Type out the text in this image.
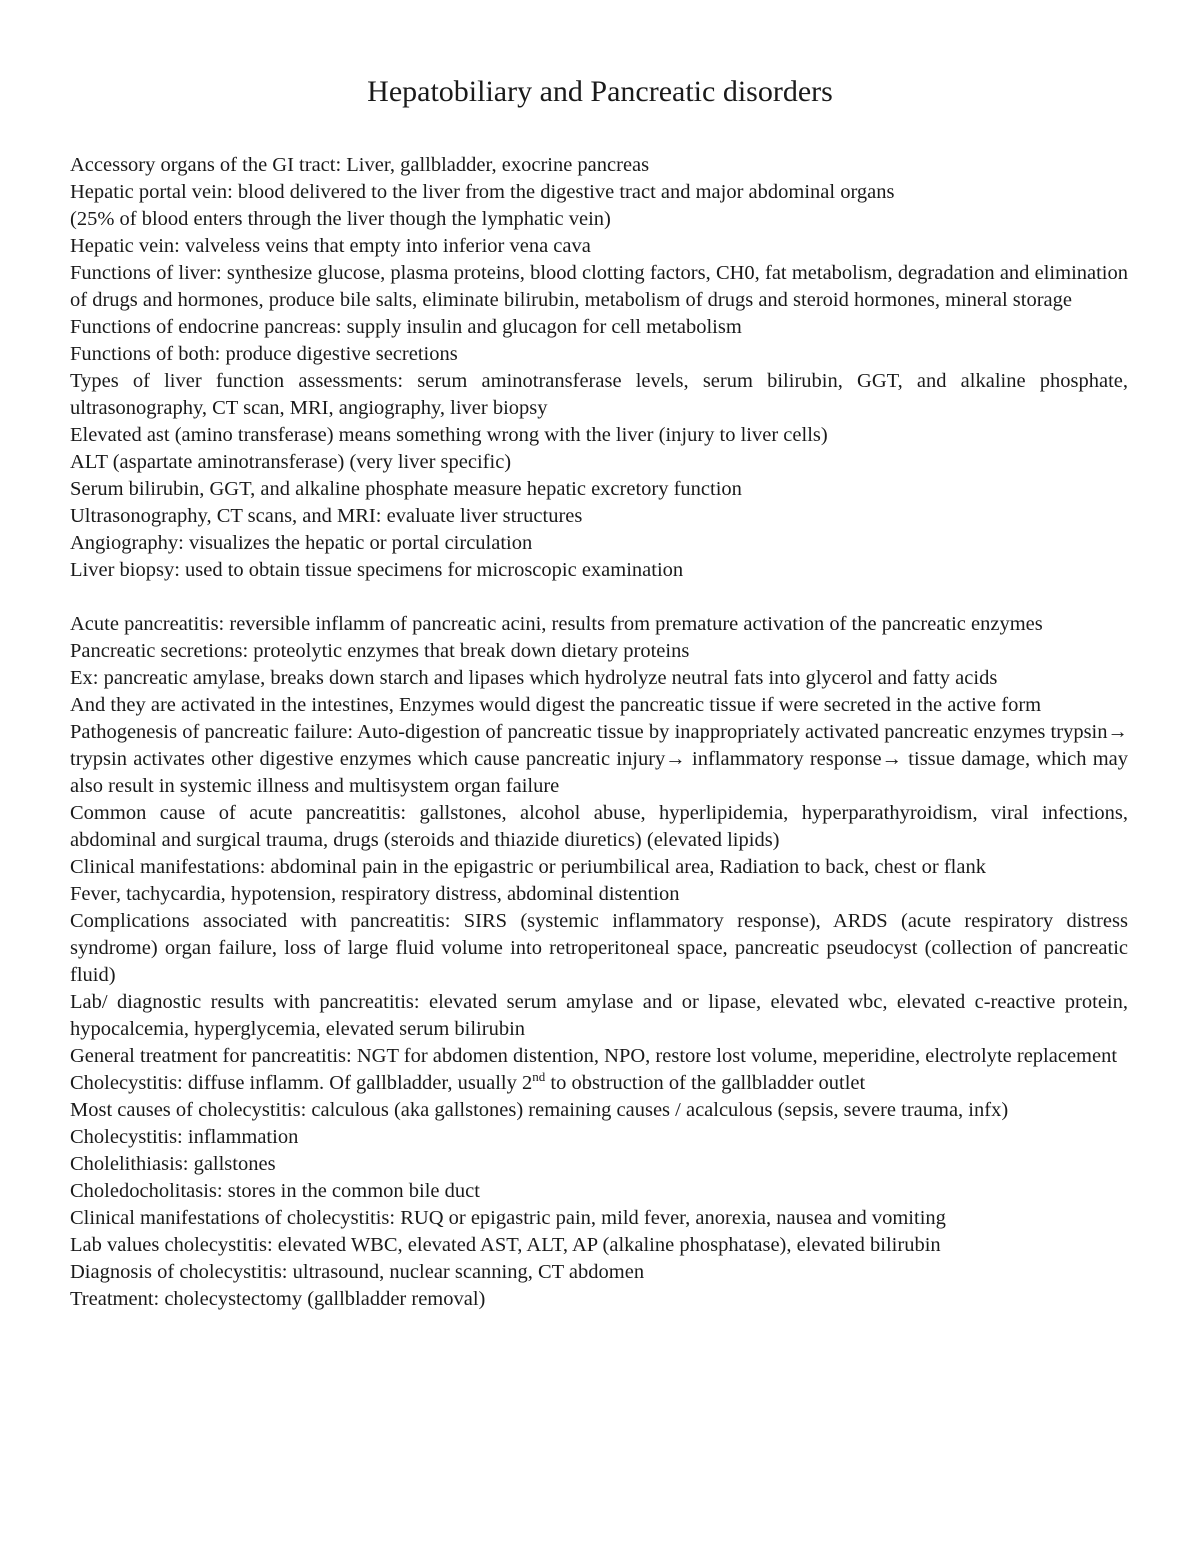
Hepatobiliary and Pancreatic disorders

Accessory organs of the GI tract: Liver, gallbladder, exocrine pancreas

Hepatic portal vein: blood delivered to the liver from the digestive tract and major abdominal organs

(25% of blood enters through the liver though the lymphatic vein)

Hepatic vein: valveless veins that empty into inferior vena cava

Functions of liver: synthesize glucose, plasma proteins, blood clotting factors, CH0, fat metabolism, degradation and elimination of drugs and hormones, produce bile salts, eliminate bilirubin, metabolism of drugs and steroid hormones, mineral storage

Functions of endocrine pancreas: supply insulin and glucagon for cell metabolism

Functions of both: produce digestive secretions

Types of liver function assessments: serum aminotransferase levels, serum bilirubin, GGT, and alkaline phosphate, ultrasonography, CT scan, MRI, angiography, liver biopsy

Elevated ast (amino transferase) means something wrong with the liver (injury to liver cells)

ALT (aspartate aminotransferase) (very liver specific)

Serum bilirubin, GGT, and alkaline phosphate measure hepatic excretory function

Ultrasonography, CT scans, and MRI: evaluate liver structures

Angiography: visualizes the hepatic or portal circulation

Liver biopsy: used to obtain tissue specimens for microscopic examination

Acute pancreatitis: reversible inflamm of pancreatic acini, results from premature activation of the pancreatic enzymes

Pancreatic secretions: proteolytic enzymes that break down dietary proteins

Ex: pancreatic amylase, breaks down starch and lipases which hydrolyze neutral fats into glycerol and fatty acids

And they are activated in the intestines, Enzymes would digest the pancreatic tissue if were secreted in the active form

Pathogenesis of pancreatic failure: Auto-digestion of pancreatic tissue by inappropriately activated pancreatic enzymes trypsin→ trypsin activates other digestive enzymes which cause pancreatic injury→ inflammatory response→ tissue damage, which may also result in systemic illness and multisystem organ failure

Common cause of acute pancreatitis: gallstones, alcohol abuse, hyperlipidemia, hyperparathyroidism, viral infections, abdominal and surgical trauma, drugs (steroids and thiazide diuretics) (elevated lipids)

Clinical manifestations: abdominal pain in the epigastric or periumbilical area, Radiation to back, chest or flank

Fever, tachycardia, hypotension, respiratory distress, abdominal distention

Complications associated with pancreatitis: SIRS (systemic inflammatory response), ARDS (acute respiratory distress syndrome) organ failure, loss of large fluid volume into retroperitoneal space, pancreatic pseudocyst (collection of pancreatic fluid)

Lab/ diagnostic results with pancreatitis: elevated serum amylase and or lipase, elevated wbc, elevated c-reactive protein, hypocalcemia, hyperglycemia, elevated serum bilirubin

General treatment for pancreatitis: NGT for abdomen distention, NPO, restore lost volume, meperidine, electrolyte replacement

Cholecystitis: diffuse inflamm. Of gallbladder, usually 2nd to obstruction of the gallbladder outlet

Most causes of cholecystitis: calculous (aka gallstones) remaining causes / acalculous (sepsis, severe trauma, infx)

Cholecystitis: inflammation

Cholelithiasis: gallstones

Choledocholitasis: stores in the common bile duct

Clinical manifestations of cholecystitis: RUQ or epigastric pain, mild fever, anorexia, nausea and vomiting

Lab values cholecystitis: elevated WBC, elevated AST, ALT, AP (alkaline phosphatase), elevated bilirubin

Diagnosis of cholecystitis: ultrasound, nuclear scanning, CT abdomen

Treatment: cholecystectomy (gallbladder removal)
